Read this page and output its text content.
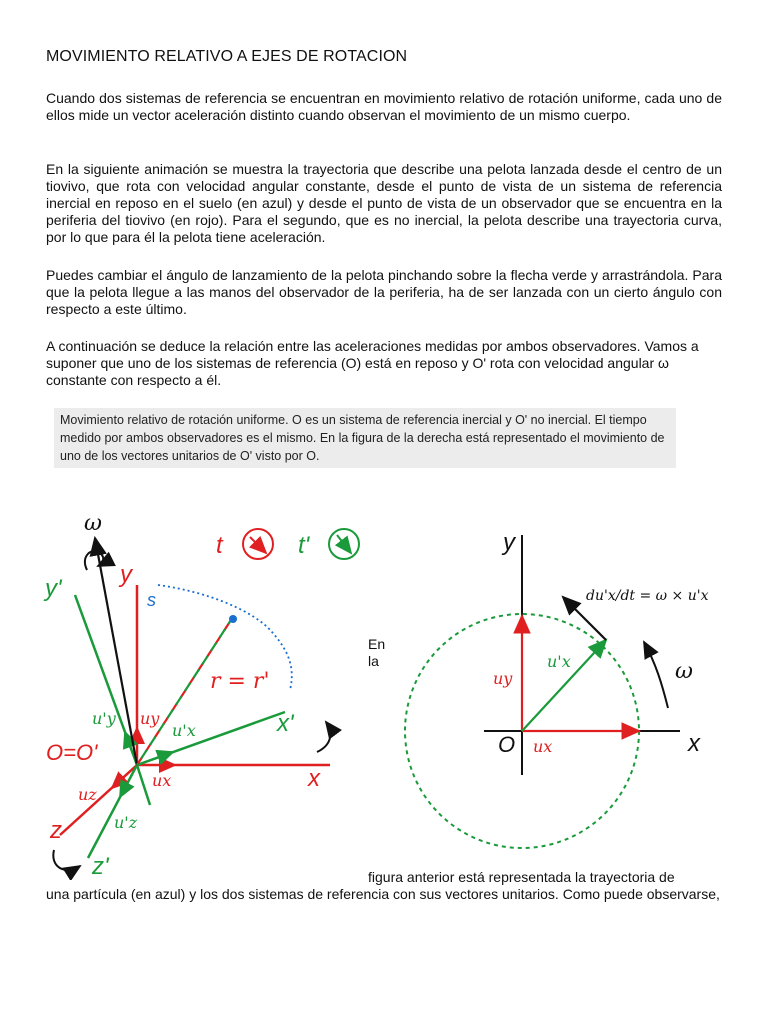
MOVIMIENTO RELATIVO A EJES DE ROTACION

Cuando dos sistemas de referencia se encuentran en movimiento relativo de rotación uniforme, cada uno de ellos mide un vector aceleración distinto cuando observan el movimiento de un mismo cuerpo.

En la siguiente animación se muestra la trayectoria que describe una pelota lanzada desde el centro de un tiovivo, que rota con velocidad angular constante, desde el punto de vista de un sistema de referencia inercial en reposo en el suelo (en azul) y desde el punto de vista de un observador que se encuentra en la periferia del tiovivo (en rojo). Para el segundo, que es no inercial, la pelota describe una trayectoria curva, por lo que para él la pelota tiene aceleración.

Puedes cambiar el ángulo de lanzamiento de la pelota pinchando sobre la flecha verde y arrastrándola. Para que la pelota llegue a las manos del observador de la periferia, ha de ser lanzada con un cierto ángulo con respecto a este último.

A continuación se deduce la relación entre las aceleraciones medidas por ambos observadores. Vamos a suponer que uno de los sistemas de referencia (O) está en reposo y O' rota con velocidad angular ω constante con respecto a él.

Movimiento relativo de rotación uniforme. O es un sistema de referencia inercial y O' no inercial. El tiempo medido por ambos observadores es el mismo. En la figura de la derecha está representado el movimiento de uno de los vectores unitarios de O' visto por O.
ω
y'
y
s
t	t'
r = r'
u'y uy
u'x	x'
O=O'
ux	x
uz
u'z
z
z'
En la
y
x
O
uy
ux
u'x
du'x/dt = ω × u'x
ω
figura anterior está representada la trayectoria de

una partícula (en azul) y los dos sistemas de referencia con sus vectores unitarios. Como puede observarse,
